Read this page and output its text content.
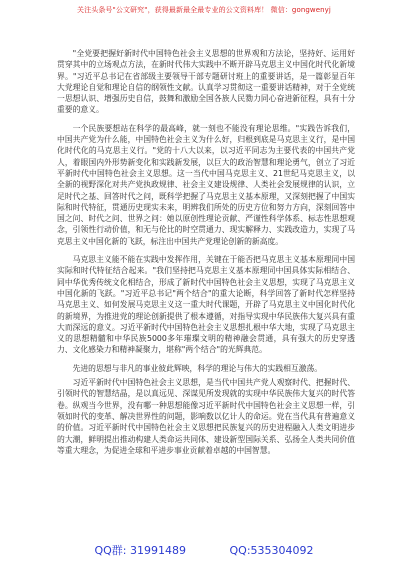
关注头条号"公文研究"，获得最新最全最专业的公文资料库！ 微信：gongwenyj

"全党要把握好新时代中国特色社会主义思想的世界观和方法论，坚持好、运用好贯穿其中的立场观点方法，在新时代伟大实践中不断开辟马克思主义中国化时代化新境界。"习近平总书记在省部级主要领导干部专题研讨班上的重要讲话，是一篇彰显百年大党理论自觉和理论自信的纲领性文献。认真学习贯彻这一重要讲话精神，对于全党统一思想认识、增强历史自信，鼓舞和激励全国各族人民勠力同心奋进新征程，具有十分重要的意义。

一个民族要想站在科学的最高峰，就一刻也不能没有理论思维。"实践告诉我们，中国共产党为什么能，中国特色社会主义为什么好，归根到底是马克思主义行，是中国化时代化的马克思主义行。"党的十八大以来，以习近平同志为主要代表的中国共产党人，着眼国内外形势新变化和实践新发展，以巨大的政治智慧和理论勇气，创立了习近平新时代中国特色社会主义思想。这一当代中国马克思主义、21世纪马克思主义，以全新的视野深化对共产党执政规律、社会主义建设规律、人类社会发展规律的认识，立足时代之基、回答时代之问，既科学把握了马克思主义基本原理，又深刻把握了中国实际和时代特征，贯通历史现实未来，明辨我们所处的历史方位和努力方向，深刻回答中国之问、时代之问、世界之问：她以原创性理论贡献、严谨性科学体系、标志性思想观念，引领性行动价值，和无与伦比的时空贯通力、现实解释力、实践改造力，实现了马克思主义中国化新的飞跃，标注出中国共产党理论创新的新高度。

马克思主义能不能在实践中发挥作用，关键在于能否把马克思主义基本原理同中国实际和时代特征结合起来。"我们坚持把马克思主义基本原理同中国具体实际相结合、同中华优秀传统文化相结合，形成了新时代中国特色社会主义思想，实现了马克思主义中国化新的飞跃。"习近平总书记"两个结合"的重大论断，科学回答了新时代怎样坚持马克思主义、如何发展马克思主义这一重大时代课题，开辟了马克思主义中国化时代化的新境界，为推进党的理论创新提供了根本遵循，对指导实现中华民族伟大复兴具有重大而深远的意义。习近平新时代中国特色社会主义思想扎根中华大地，实现了马克思主义的思想精髓和中华民族5000多年璀璨文明的精神融会贯通，具有强大的历史穿透力、文化感染力和精神凝聚力，堪称"两个结合"的光辉典范。

先进的思想与非凡的事业彼此辉映，科学的理论与伟大的实践相互激荡。

习近平新时代中国特色社会主义思想，是当代中国共产党人观察时代、把握时代、引领时代的智慧结晶，是以真远见、深谋见所发现就的实现中华民族伟大复兴的时代答卷。纵观当今世界，没有哪一种思想能像习近平新时代中国特色社会主义思想一样，引领如时代的变革、解决世界性的问题，影响数以亿计人的命运。党在当代具有普遍意义的价值。习近平新时代中国特色社会主义思想把民族复兴的历史进程融入人类文明进步的大潮，鲜明提出推动构建人类命运共同体、建设新型国际关系、弘扬全人类共同价值等重大理念，为促进全球和平进步事业贡献着卓越的中国智慧。

QQ群: 31991489	QQ:535304092
